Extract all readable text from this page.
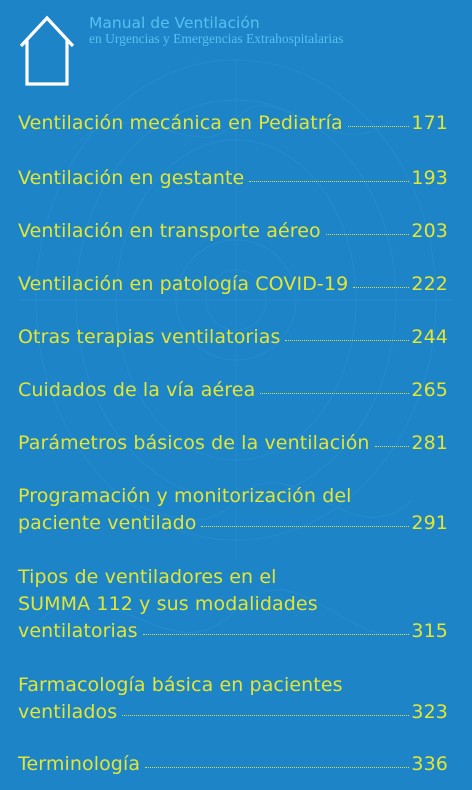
Manual de Ventilación
en Urgencias y Emergencias Extrahospitalarias
Ventilación mecánica en Pediatría	171
Ventilación en gestante	193
Ventilación en transporte aéreo	203
Ventilación en patología COVID-19	222
Otras terapias ventilatorias	244
Cuidados de la vía aérea	265
Parámetros básicos de la ventilación 281
Programación y monitorización del
paciente ventilado	291
Tipos de ventiladores en el
SUMMA 112 y sus modalidades
ventilatorias	315
Farmacología básica en pacientes
ventilados	323
Terminología	336
